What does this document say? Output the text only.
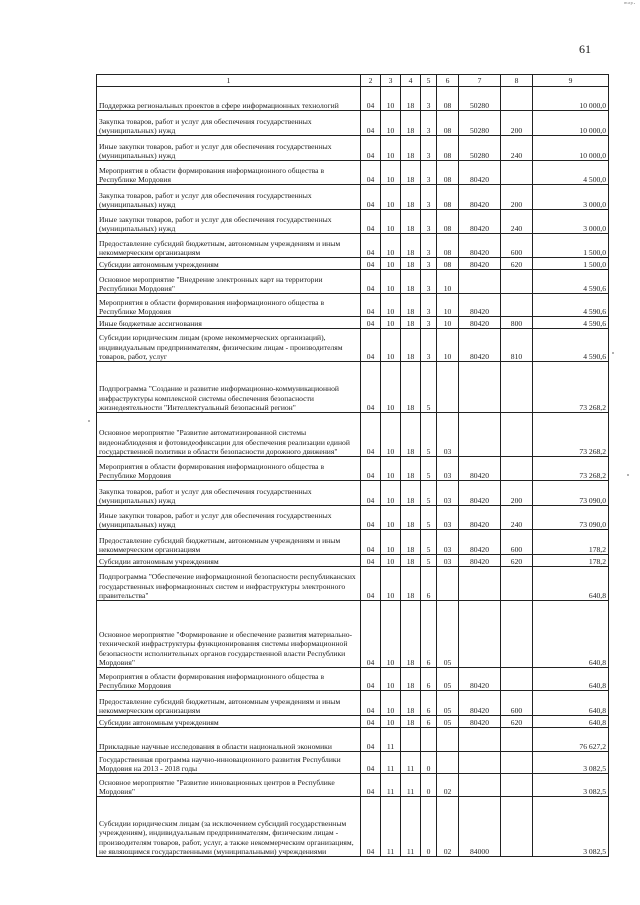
ᵐᵃᵖ·
61
1	2	3	4	5	6	7	8	9
Поддержка региональных проектов в сфере информационных технологий	04	10	18	3	08	50280		10 000,0
Закупка товаров, работ и услуг для обеспечения государственных (муниципальных) нужд	04	10	18	3	08	50280	200	10 000,0
Иные закупки товаров, работ и услуг для обеспечения государственных (муниципальных) нужд	04	10	18	3	08	50280	240	10 000,0
Мероприятия в области формирования информационного общества в Республике Мордовия	04	10	18	3	08	80420		4 500,0
Закупка товаров, работ и услуг для обеспечения государственных (муниципальных) нужд	04	10	18	3	08	80420	200	3 000,0
Иные закупки товаров, работ и услуг для обеспечения государственных (муниципальных) нужд	04	10	18	3	08	80420	240	3 000,0
Предоставление субсидий бюджетным, автономным учреждениям и иным некоммерческим организациям	04	10	18	3	08	80420	600	1 500,0
Субсидии автономным учреждениям	04	10	18	3	08	80420	620	1 500,0
Основное мероприятие "Внедрение электронных карт на территории Республики Мордовия"	04	10	18	3	10			4 590,6
Мероприятия в области формирования информационного общества в Республике Мордовия	04	10	18	3	10	80420		4 590,6
Иные бюджетные ассигнования	04	10	18	3	10	80420	800	4 590,6
Субсидии юридическим лицам (кроме некоммерческих организаций), индивидуальным предпринимателям, физическим лицам - производителям товаров, работ, услуг	04	10	18	3	10	80420	810	4 590,6
Подпрограмма "Создание и развитие информационно-коммуникационной инфраструктуры комплексной системы обеспечения безопасности жизнедеятельности "Интеллектуальный безопасный регион"	04	10	18	5				73 268,2
Основное мероприятие "Развитие автоматизированной системы видеонаблюдения и фотовидеофиксации для обеспечения реализации единой государственной политики в области безопасности дорожного движения"	04	10	18	5	03			73 268,2
Мероприятия в области формирования информационного общества в Республике Мордовия	04	10	18	5	03	80420		73 268,2
Закупка товаров, работ и услуг для обеспечения государственных (муниципальных) нужд	04	10	18	5	03	80420	200	73 090,0
Иные закупки товаров, работ и услуг для обеспечения государственных (муниципальных) нужд	04	10	18	5	03	80420	240	73 090,0
Предоставление субсидий бюджетным, автономным учреждениям и иным некоммерческим организациям	04	10	18	5	03	80420	600	178,2
Субсидии автономным учреждениям	04	10	18	5	03	80420	620	178,2
Подпрограмма "Обеспечение информационной безопасности республиканских государственных информационных систем и инфраструктуры электронного правительства"	04	10	18	6				640,8
Основное мероприятие "Формирование и обеспечение развития материально-технической инфраструктуры функционирования системы информационной безопасности исполнительных органов государственной власти Республики Мордовия"	04	10	18	6	05			640,8
Мероприятия в области формирования информационного общества в Республике Мордовия	04	10	18	6	05	80420		640,8
Предоставление субсидий бюджетным, автономным учреждениям и иным некоммерческим организациям	04	10	18	6	05	80420	600	640,8
Субсидии автономным учреждениям	04	10	18	6	05	80420	620	640,8
Прикладные научные исследования в области национальной экономики	04	11						76 627,2
Государственная программа научно-инновационного развития Республики Мордовия на 2013 - 2018 годы	04	11	11	0				3 082,5
Основное мероприятие "Развитие инновационных центров в Республике Мордовия"	04	11	11	0	02			3 082,5
Субсидии юридическим лицам (за исключением субсидий государственным учреждениям), индивидуальным предпринимателям, физическим лицам - производителям товаров, работ, услуг, а также некоммерческим организациям, не являющимся государственными (муниципальными) учреждениями	04	11	11	0	02	84000		3 082,5
